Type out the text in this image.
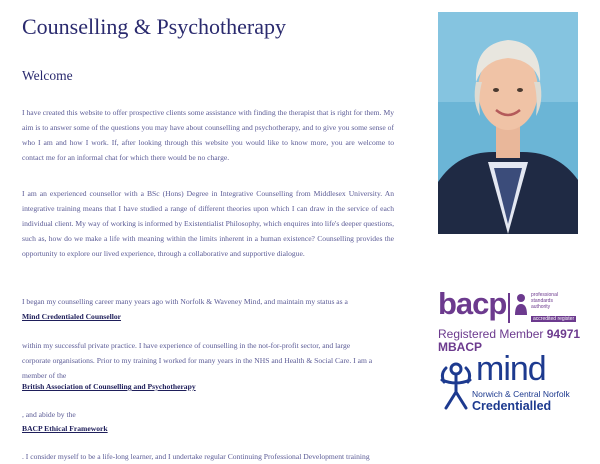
Counselling & Psychotherapy
Welcome

I have created this website to offer prospective clients some assistance with finding the therapist that is right for them. My aim is to answer some of the questions you may have about counselling and psychotherapy, and to give you some sense of who I am and how I work. If, after looking through this website you would like to know more, you are welcome to contact me for an informal chat for which there would be no charge.

I am an experienced counsellor with a BSc (Hons) Degree in Integrative Counselling from Middlesex University. An integrative training means that I have studied a range of different theories upon which I can draw in the service of each individual client. My way of working is informed by Existentialist Philosophy, which enquires into life's deeper questions, such as, how do we make a life with meaning within the limits inherent in a human existence? Counselling provides the opportunity to explore our lived experience, through a collaborative and supportive dialogue.

I began my counselling career many years ago with Norfolk & Waveney Mind, and maintain my status as a

Mind Credentialed Counsellor

within my successful private practice. I have experience of counselling in the not-for-profit sector, and large

corporate organisations. Prior to my training I worked for many years in the NHS and Health & Social Care. I am a

member of the

British Association of Counselling and Psychotherapy

, and abide by the

BACP Ethical Framework

. I consider myself to be a life-long learner, and I undertake regular Continuing Professional Development training

bacp	professional

standards

authority

accredited register

Registered Member 94971

MBACP

mind

Norwich & Central Norfolk

Credentialled
